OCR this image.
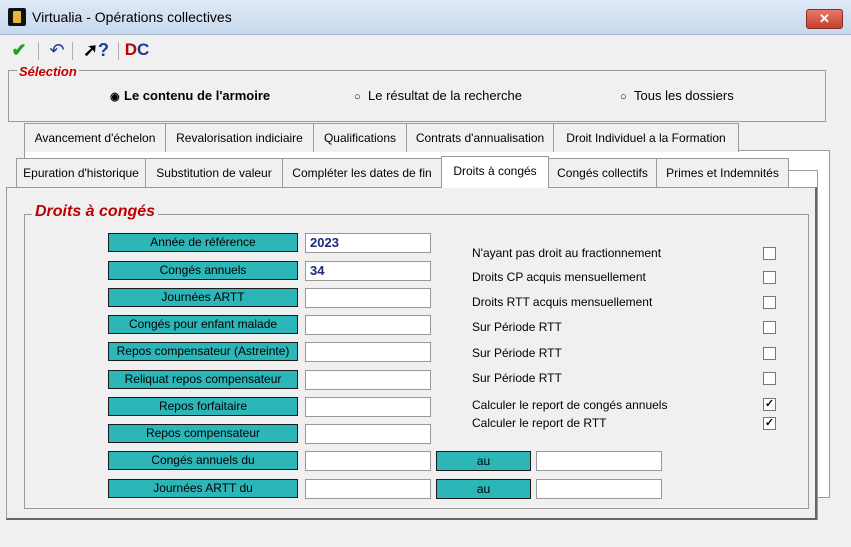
Virtualia - Opérations collectives	✕
✔ ↶ ➚? DC
Sélection
◉ Le contenu de l'armoire	○ Le résultat de la recherche	○ Tous les dossiers
Avancement d'échelon	Revalorisation indiciaire	Qualifications	Contrats d'annualisation	Droit Individuel a la Formation
Epuration d'historique	Substitution de valeur	Compléter les dates de fin	Droits à congés	Congés collectifs	Primes et Indemnités
Droits à congés
Année de référence	2023
Congés annuels	34
Journées ARTT
Congés pour enfant malade
Repos compensateur (Astreinte)
Reliquat repos compensateur
Repos forfaitaire
Repos compensateur
Congés annuels du	au
Journées ARTT du	au
N'ayant pas droit au fractionnement
Droits CP acquis mensuellement
Droits RTT acquis mensuellement
Sur Période RTT
Sur Période RTT
Sur Période RTT
Calculer le report de congés annuels	✓
Calculer le report de RTT	✓
